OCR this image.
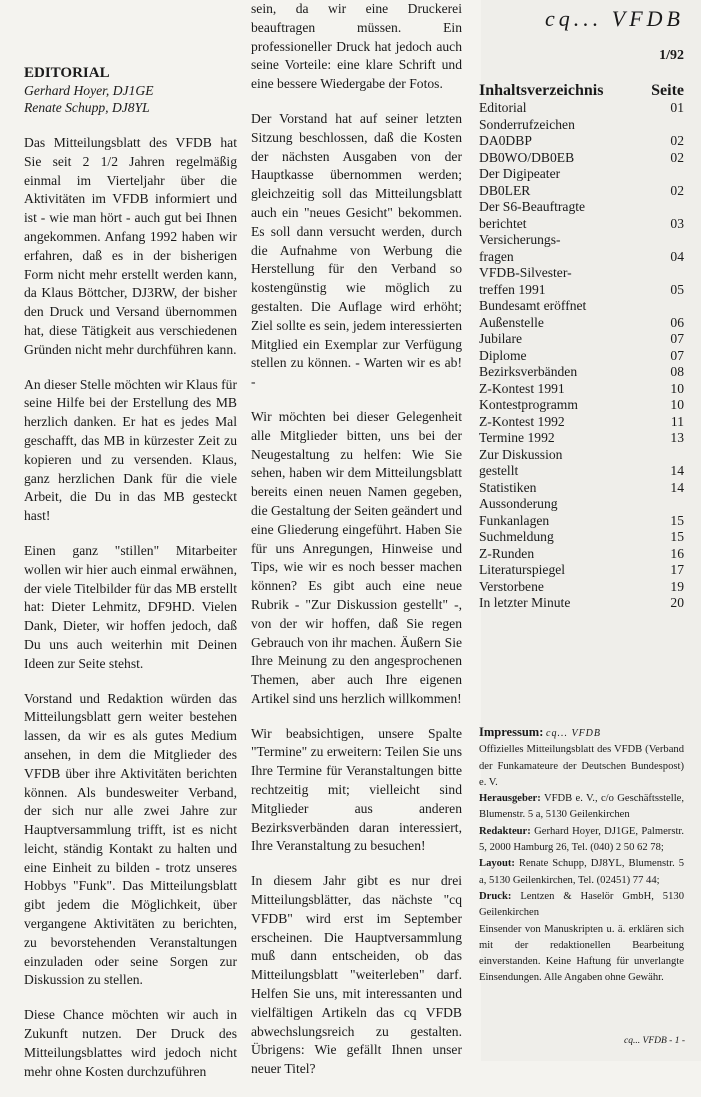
EDITORIAL
Gerhard Hoyer, DJ1GE
Renate Schupp, DJ8YL

Das Mitteilungsblatt des VFDB hat Sie seit 2 1/2 Jahren regelmäßig einmal im Vierteljahr über die Aktivitäten im VFDB informiert und ist - wie man hört - auch gut bei Ihnen angekommen. Anfang 1992 haben wir erfahren, daß es in der bisherigen Form nicht mehr erstellt werden kann, da Klaus Böttcher, DJ3RW, der bisher den Druck und Versand übernommen hat, diese Tätigkeit aus verschiedenen Gründen nicht mehr durchführen kann.

An dieser Stelle möchten wir Klaus für seine Hilfe bei der Erstellung des MB herzlich danken. Er hat es jedes Mal geschafft, das MB in kürzester Zeit zu kopieren und zu versenden. Klaus, ganz herzlichen Dank für die viele Arbeit, die Du in das MB gesteckt hast!

Einen ganz "stillen" Mitarbeiter wollen wir hier auch einmal erwähnen, der viele Titelbilder für das MB erstellt hat: Dieter Lehmitz, DF9HD. Vielen Dank, Dieter, wir hoffen jedoch, daß Du uns auch weiterhin mit Deinen Ideen zur Seite stehst.

Vorstand und Redaktion würden das Mitteilungsblatt gern weiter bestehen lassen, da wir es als gutes Medium ansehen, in dem die Mitglieder des VFDB über ihre Aktivitäten berichten können. Als bundesweiter Verband, der sich nur alle zwei Jahre zur Hauptversammlung trifft, ist es nicht leicht, ständig Kontakt zu halten und eine Einheit zu bilden - trotz unseres Hobbys "Funk". Das Mitteilungsblatt gibt jedem die Möglichkeit, über vergangene Aktivitäten zu berichten, zu bevorstehenden Veranstaltungen einzuladen oder seine Sorgen zur Diskussion zu stellen.

Diese Chance möchten wir auch in Zukunft nutzen. Der Druck des Mitteilungsblattes wird jedoch nicht mehr ohne Kosten durchzuführen

sein, da wir eine Druckerei beauftragen müssen. Ein professioneller Druck hat jedoch auch seine Vorteile: eine klare Schrift und eine bessere Wiedergabe der Fotos.

Der Vorstand hat auf seiner letzten Sitzung beschlossen, daß die Kosten der nächsten Ausgaben von der Hauptkasse übernommen werden; gleichzeitig soll das Mitteilungsblatt auch ein "neues Gesicht" bekommen. Es soll dann versucht werden, durch die Aufnahme von Werbung die Herstellung für den Verband so kostengünstig wie möglich zu gestalten. Die Auflage wird erhöht; Ziel sollte es sein, jedem interessierten Mitglied ein Exemplar zur Verfügung stellen zu können. - Warten wir es ab! -

Wir möchten bei dieser Gelegenheit alle Mitglieder bitten, uns bei der Neugestaltung zu helfen: Wie Sie sehen, haben wir dem Mitteilungsblatt bereits einen neuen Namen gegeben, die Gestaltung der Seiten geändert und eine Gliederung eingeführt. Haben Sie für uns Anregungen, Hinweise und Tips, wie wir es noch besser machen können? Es gibt auch eine neue Rubrik - "Zur Diskussion gestellt" -, von der wir hoffen, daß Sie regen Gebrauch von ihr machen. Äußern Sie Ihre Meinung zu den angesprochenen Themen, aber auch Ihre eigenen Artikel sind uns herzlich willkommen!

Wir beabsichtigen, unsere Spalte "Termine" zu erweitern: Teilen Sie uns Ihre Termine für Veranstaltungen bitte rechtzeitig mit; vielleicht sind Mitglieder aus anderen Bezirksverbänden daran interessiert, Ihre Veranstaltung zu besuchen!

In diesem Jahr gibt es nur drei Mitteilungsblätter, das nächste "cq VFDB" wird erst im September erscheinen. Die Hauptversammlung muß dann entscheiden, ob das Mitteilungsblatt "weiterleben" darf. Helfen Sie uns, mit interessanten und vielfältigen Artikeln das cq VFDB abwechslungsreich zu gestalten. Übrigens: Wie gefällt Ihnen unser neuer Titel?

cq... VFDB
1/92
Inhaltsverzeichnis	Seite
Editorial	01
Sonderrufzeichen
DA0DBP	02
DB0WO/DB0EB	02
Der Digipeater
DB0LER	02
Der S6-Beauftragte
berichtet	03
Versicherungs-
fragen	04
VFDB-Silvester-
treffen 1991	05
Bundesamt eröffnet
Außenstelle	06
Jubilare	07
Diplome	07
Bezirksverbänden	08
Z-Kontest 1991	10
Kontestprogramm	10
Z-Kontest 1992	11
Termine 1992	13
Zur Diskussion
gestellt	14
Statistiken	14
Aussonderung
Funkanlagen	15
Suchmeldung	15
Z-Runden	16
Literaturspiegel	17
Verstorbene	19
In letzter Minute	20
Impressum: cq... VFDB
Offizielles Mitteilungsblatt des VFDB (Verband der Funkamateure der Deutschen Bundespost) e. V.
Herausgeber: VFDB e. V., c/o Geschäftsstelle, Blumenstr. 5 a, 5130 Geilenkirchen
Redakteur: Gerhard Hoyer, DJ1GE, Palmerstr. 5, 2000 Hamburg 26, Tel. (040) 2 50 62 78;
Layout: Renate Schupp, DJ8YL, Blumenstr. 5 a, 5130 Geilenkirchen, Tel. (02451) 77 44;
Druck: Lentzen & Haselör GmbH, 5130 Geilenkirchen
Einsender von Manuskripten u. ä. erklären sich mit der redaktionellen Bearbeitung einverstanden. Keine Haftung für unverlangte Einsendungen. Alle Angaben ohne Gewähr.
cq... VFDB - 1 -
